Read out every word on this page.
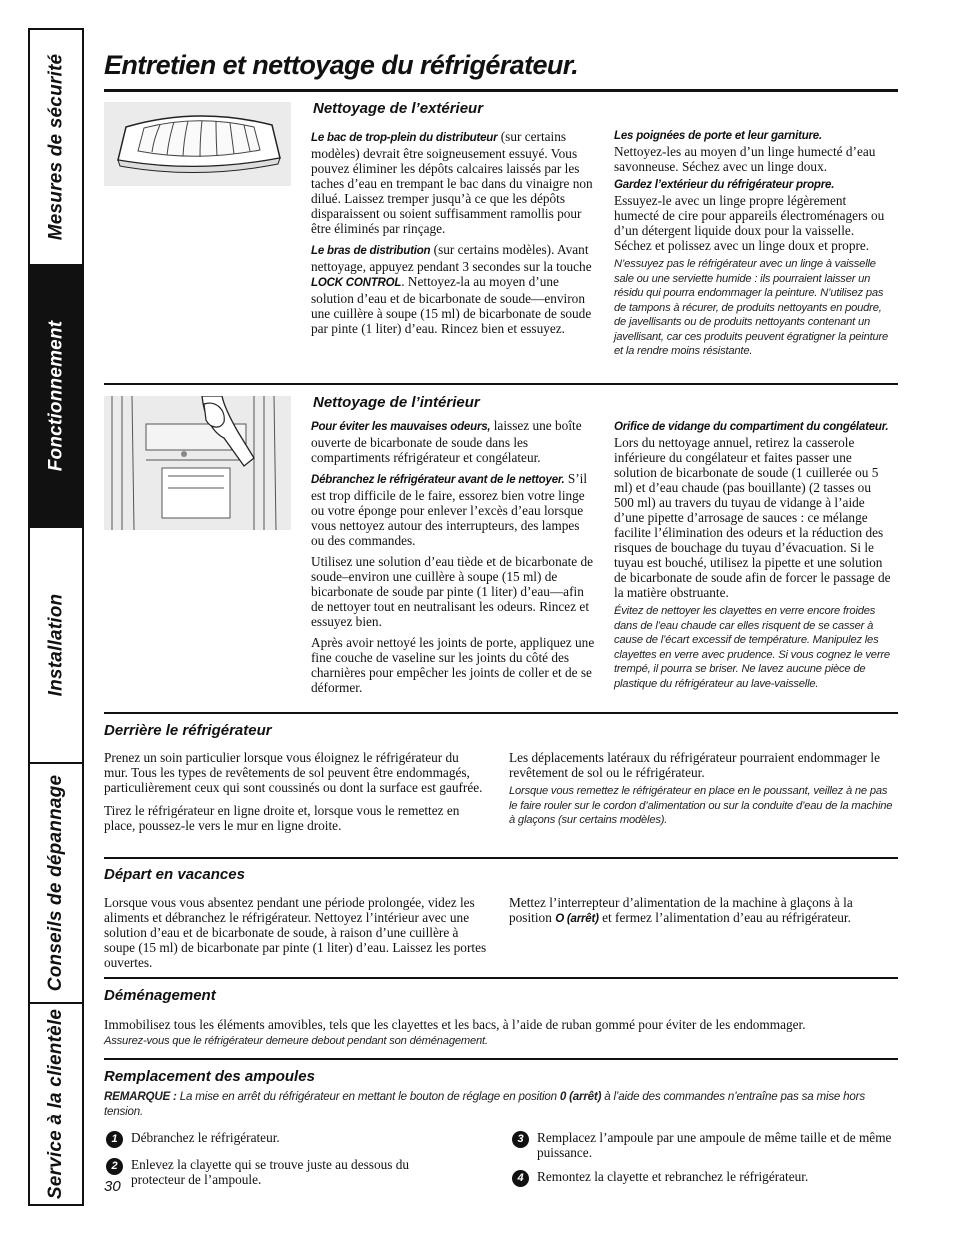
Mesures de sécurité
Fonctionnement
Installation
Conseils de dépannage
Service à la clientèle
Entretien et nettoyage du réfrigérateur.
Nettoyage de l’extérieur

Le bac de trop-plein du distributeur (sur certains modèles) devrait être soigneusement essuyé. Vous pouvez éliminer les dépôts calcaires laissés par les taches d’eau en trempant le bac dans du vinaigre non dilué. Laissez tremper jusqu’à ce que les dépôts disparaissent ou soient suffisamment ramollis pour être éliminés par rinçage.

Le bras de distribution (sur certains modèles). Avant nettoyage, appuyez pendant 3 secondes sur la touche LOCK CONTROL. Nettoyez-la au moyen d’une solution d’eau et de bicarbonate de soude—environ une cuillère à soupe (15 ml) de bicarbonate de soude par pinte (1 liter) d’eau. Rincez bien et essuyez.

Les poignées de porte et leur garniture.
Nettoyez-les au moyen d’un linge humecté d’eau savonneuse. Séchez avec un linge doux.

Gardez l’extérieur du réfrigérateur propre.
Essuyez-le avec un linge propre légèrement humecté de cire pour appareils électroménagers ou d’un détergent liquide doux pour la vaisselle. Séchez et polissez avec un linge doux et propre.

N’essuyez pas le réfrigérateur avec un linge à vaisselle sale ou une serviette humide : ils pourraient laisser un résidu qui pourra endommager la peinture. N’utilisez pas de tampons à récurer, de produits nettoyants en poudre, de javellisants ou de produits nettoyants contenant un javellisant, car ces produits peuvent égratigner la peinture et la rendre moins résistante.

Nettoyage de l’intérieur

Pour éviter les mauvaises odeurs, laissez une boîte ouverte de bicarbonate de soude dans les compartiments réfrigérateur et congélateur.

Débranchez le réfrigérateur avant de le nettoyer. S’il est trop difficile de le faire, essorez bien votre linge ou votre éponge pour enlever l’excès d’eau lorsque vous nettoyez autour des interrupteurs, des lampes ou des commandes.

Utilisez une solution d’eau tiède et de bicarbonate de soude–environ une cuillère à soupe (15 ml) de bicarbonate de soude par pinte (1 liter) d’eau—afin de nettoyer tout en neutralisant les odeurs. Rincez et essuyez bien.

Après avoir nettoyé les joints de porte, appliquez une fine couche de vaseline sur les joints du côté des charnières pour empêcher les joints de coller et de se déformer.

Orifice de vidange du compartiment du congélateur. Lors du nettoyage annuel, retirez la casserole inférieure du congélateur et faites passer une solution de bicarbonate de soude (1 cuillerée ou 5 ml) et d’eau chaude (pas bouillante) (2 tasses ou 500 ml) au travers du tuyau de vidange à l’aide d’une pipette d’arrosage de sauces : ce mélange facilite l’élimination des odeurs et la réduction des risques de bouchage du tuyau d’évacuation. Si le tuyau est bouché, utilisez la pipette et une solution de bicarbonate de soude afin de forcer le passage de la matière obstruante.

Évitez de nettoyer les clayettes en verre encore froides dans de l’eau chaude car elles risquent de se casser à cause de l’écart excessif de température. Manipulez les clayettes en verre avec prudence. Si vous cognez le verre trempé, il pourra se briser. Ne lavez aucune pièce de plastique du réfrigérateur au lave-vaisselle.

Derrière le réfrigérateur

Prenez un soin particulier lorsque vous éloignez le réfrigérateur du mur. Tous les types de revêtements de sol peuvent être endommagés, particulièrement ceux qui sont coussinés ou dont la surface est gaufrée.

Tirez le réfrigérateur en ligne droite et, lorsque vous le remettez en place, poussez-le vers le mur en ligne droite.

Les déplacements latéraux du réfrigérateur pourraient endommager le revêtement de sol ou le réfrigérateur.

Lorsque vous remettez le réfrigérateur en place en le poussant, veillez à ne pas le faire rouler sur le cordon d’alimentation ou sur la conduite d’eau de la machine à glaçons (sur certains modèles).

Départ en vacances

Lorsque vous vous absentez pendant une période prolongée, videz les aliments et débranchez le réfrigérateur. Nettoyez l’intérieur avec une solution d’eau et de bicarbonate de soude, à raison d’une cuillère à soupe (15 ml) de bicarbonate par pinte (1 liter) d’eau. Laissez les portes ouvertes.

Mettez l’interrepteur d’alimentation de la machine à glaçons à la position O (arrêt) et fermez l’alimentation d’eau au réfrigérateur.

Déménagement

Immobilisez tous les éléments amovibles, tels que les clayettes et les bacs, à l’aide de ruban gommé pour éviter de les endommager.

Assurez-vous que le réfrigérateur demeure debout pendant son déménagement.

Remplacement des ampoules
REMARQUE : La mise en arrêt du réfrigérateur en mettant le bouton de réglage en position 0 (arrêt) à l’aide des commandes n’entraîne pas sa mise hors tension.
1	Débranchez le réfrigérateur.
2	Enlevez la clayette qui se trouve juste au dessous du protecteur de l’ampoule.
3	Remplacez l’ampoule par une ampoule de même taille et de même puissance.
4	Remontez la clayette et rebranchez le réfrigérateur.
30
